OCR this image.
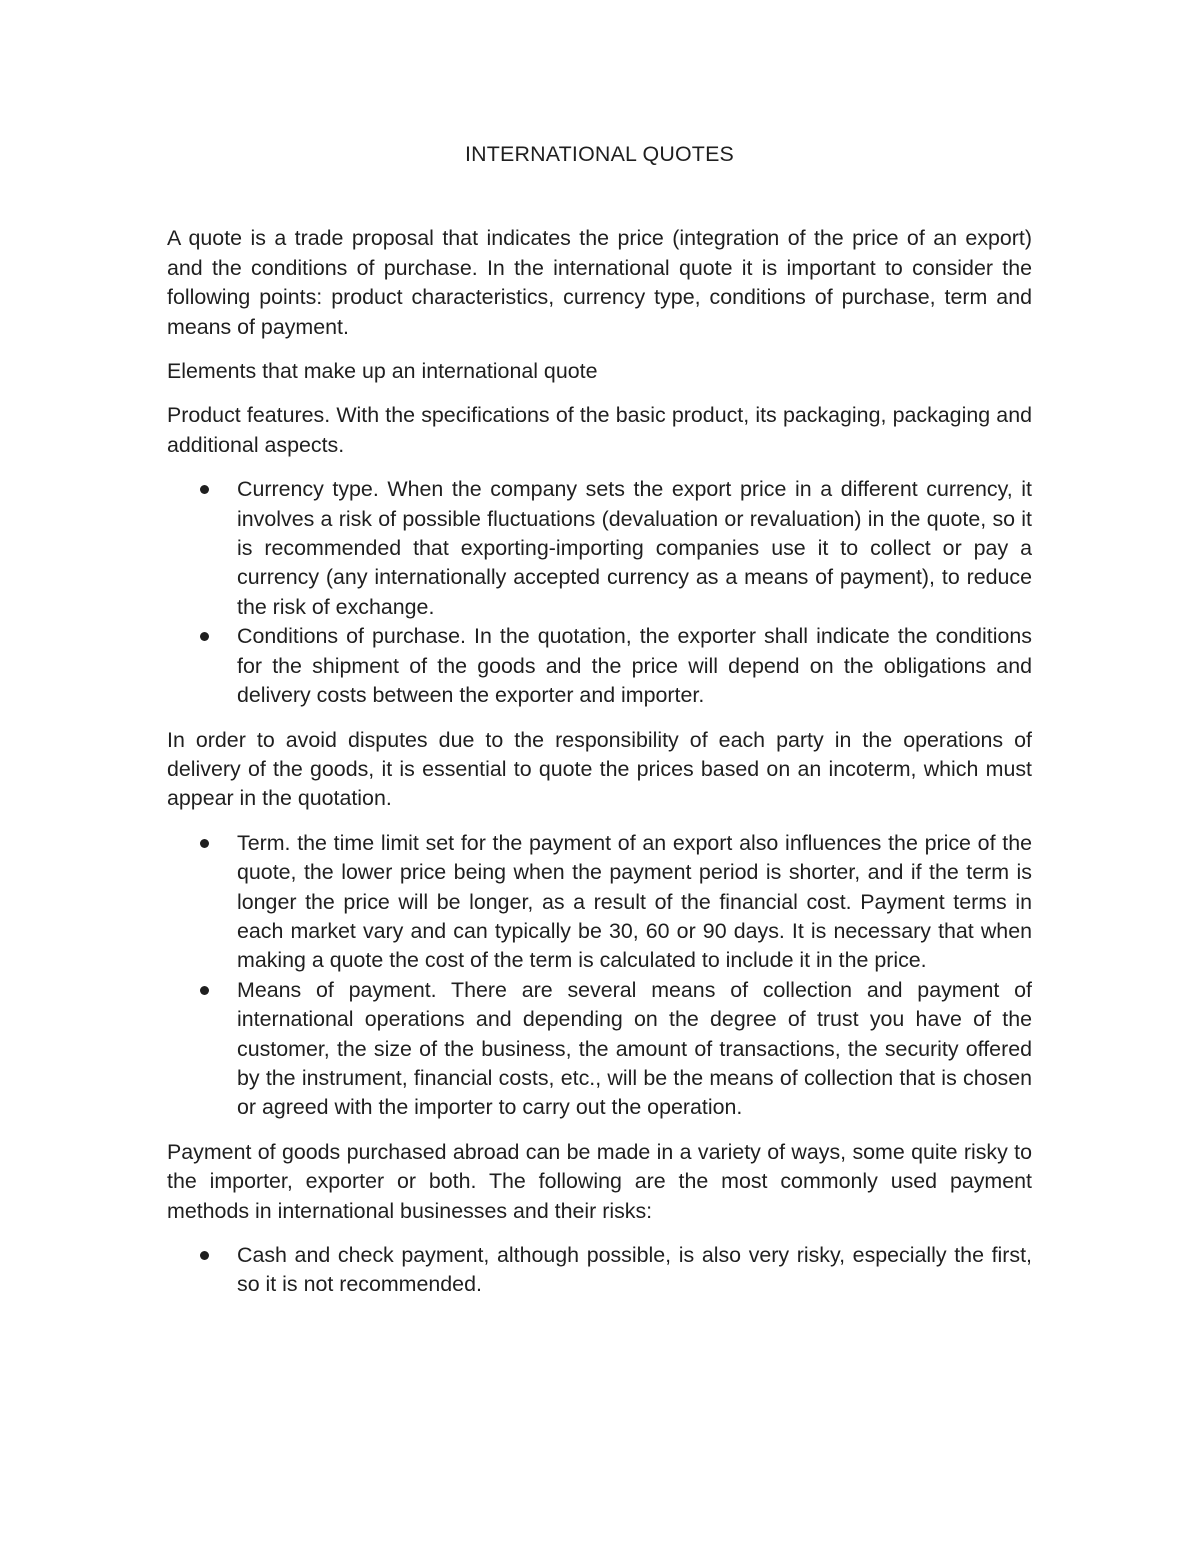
INTERNATIONAL QUOTES

A quote is a trade proposal that indicates the price (integration of the price of an export) and the conditions of purchase. In the international quote it is important to consider the following points: product characteristics, currency type, conditions of purchase, term and means of payment.

Elements that make up an international quote

Product features. With the specifications of the basic product, its packaging, packaging and additional aspects.

Currency type. When the company sets the export price in a different currency, it involves a risk of possible fluctuations (devaluation or revaluation) in the quote, so it is recommended that exporting-importing companies use it to collect or pay a currency (any internationally accepted currency as a means of payment), to reduce the risk of exchange.
Conditions of purchase. In the quotation, the exporter shall indicate the conditions for the shipment of the goods and the price will depend on the obligations and delivery costs between the exporter and importer.

In order to avoid disputes due to the responsibility of each party in the operations of delivery of the goods, it is essential to quote the prices based on an incoterm, which must appear in the quotation.

Term. the time limit set for the payment of an export also influences the price of the quote, the lower price being when the payment period is shorter, and if the term is longer the price will be longer, as a result of the financial cost. Payment terms in each market vary and can typically be 30, 60 or 90 days. It is necessary that when making a quote the cost of the term is calculated to include it in the price.
Means of payment. There are several means of collection and payment of international operations and depending on the degree of trust you have of the customer, the size of the business, the amount of transactions, the security offered by the instrument, financial costs, etc., will be the means of collection that is chosen or agreed with the importer to carry out the operation.

Payment of goods purchased abroad can be made in a variety of ways, some quite risky to the importer, exporter or both. The following are the most commonly used payment methods in international businesses and their risks:

Cash and check payment, although possible, is also very risky, especially the first, so it is not recommended.
